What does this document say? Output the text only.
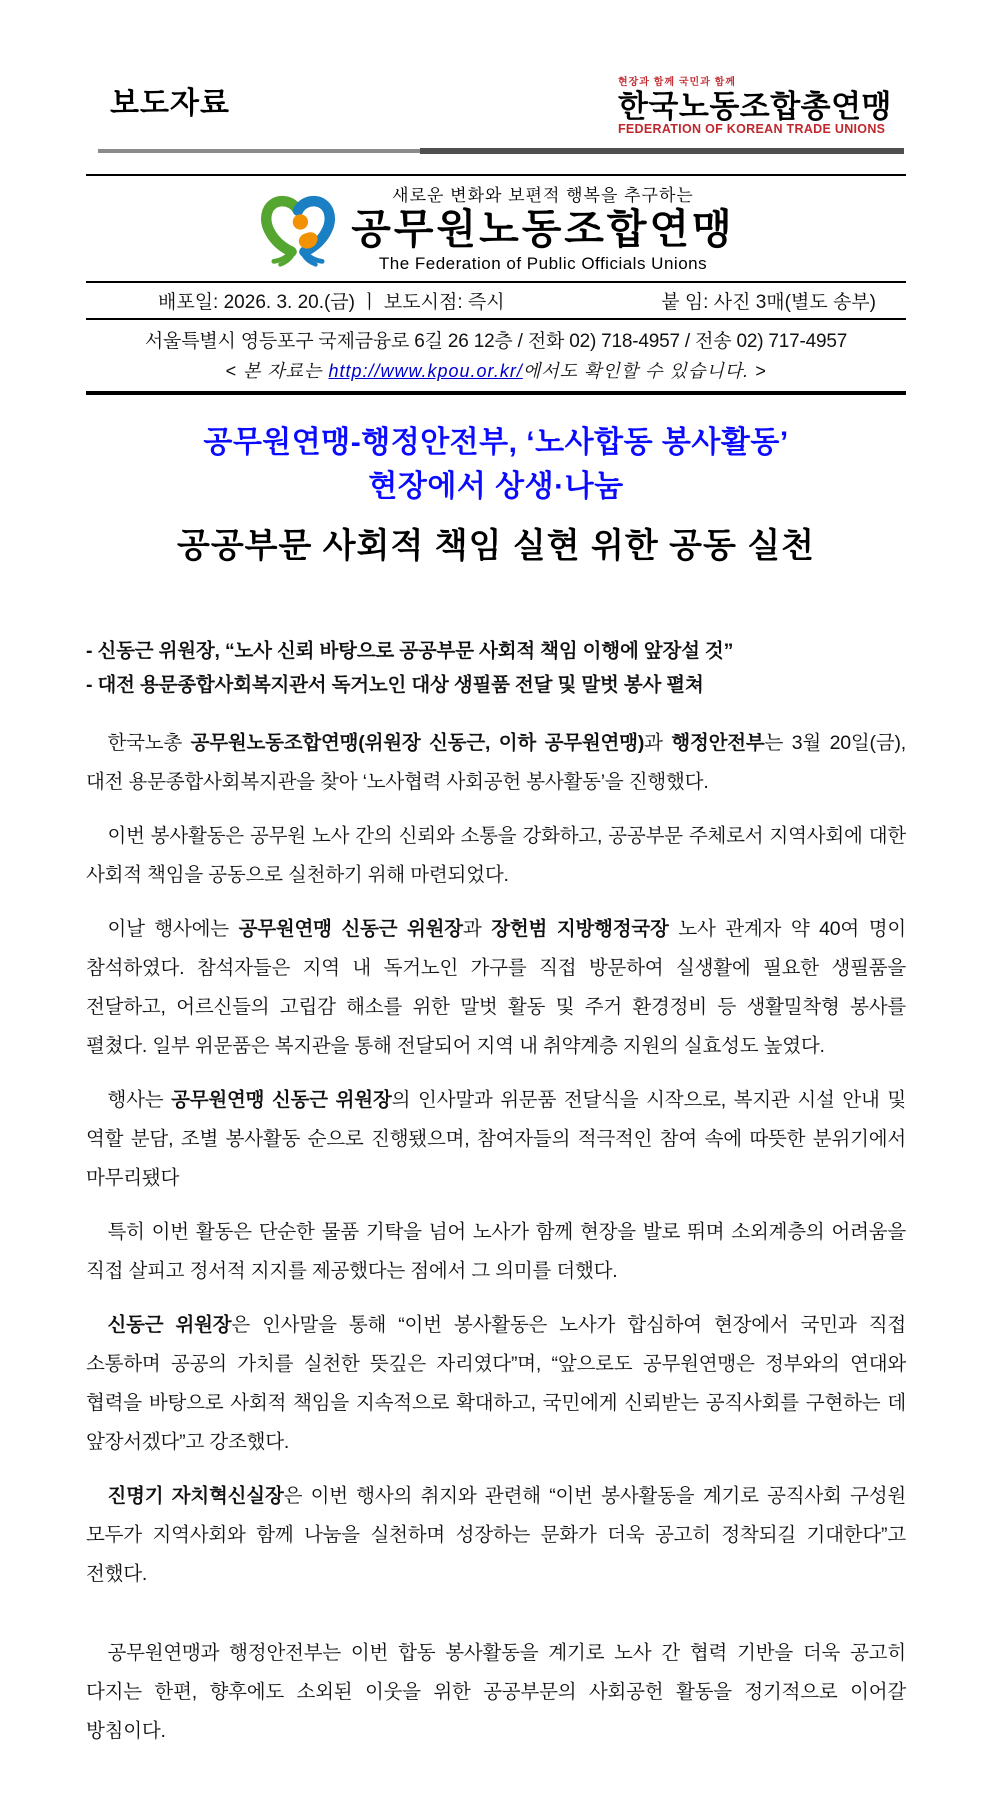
보도자료
현장과 함께 국민과 함께
한국노동조합총연맹
FEDERATION OF KOREAN TRADE UNIONS
새로운 변화와 보편적 행복을 추구하는
공무원노동조합연맹
The Federation of Public Officials Unions
배포일: 2026. 3. 20.(금) ㅣ 보도시점: 즉시	붙 임: 사진 3매(별도 송부)
서울특별시 영등포구 국제금융로 6길 26 12층 / 전화 02) 718-4957 / 전송 02) 717-4957
< 본 자료는 http://www.kpou.or.kr/에서도 확인할 수 있습니다. >
공무원연맹-행정안전부, ‘노사합동 봉사활동’
현장에서 상생·나눔
공공부문 사회적 책임 실현 위한 공동 실천
- 신동근 위원장, “노사 신뢰 바탕으로 공공부문 사회적 책임 이행에 앞장설 것”
- 대전 용문종합사회복지관서 독거노인 대상 생필품 전달 및 말벗 봉사 펼쳐

한국노총 공무원노동조합연맹(위원장 신동근, 이하 공무원연맹)과 행정안전부는 3월 20일(금), 대전 용문종합사회복지관을 찾아 ‘노사협력 사회공헌 봉사활동’을 진행했다.

이번 봉사활동은 공무원 노사 간의 신뢰와 소통을 강화하고, 공공부문 주체로서 지역사회에 대한 사회적 책임을 공동으로 실천하기 위해 마련되었다.

이날 행사에는 공무원연맹 신동근 위원장과 장헌범 지방행정국장 노사 관계자 약 40여 명이 참석하였다. 참석자들은 지역 내 독거노인 가구를 직접 방문하여 실생활에 필요한 생필품을 전달하고, 어르신들의 고립감 해소를 위한 말벗 활동 및 주거 환경정비 등 생활밀착형 봉사를 펼쳤다. 일부 위문품은 복지관을 통해 전달되어 지역 내 취약계층 지원의 실효성도 높였다.

행사는 공무원연맹 신동근 위원장의 인사말과 위문품 전달식을 시작으로, 복지관 시설 안내 및 역할 분담, 조별 봉사활동 순으로 진행됐으며, 참여자들의 적극적인 참여 속에 따뜻한 분위기에서 마무리됐다

특히 이번 활동은 단순한 물품 기탁을 넘어 노사가 함께 현장을 발로 뛰며 소외계층의 어려움을 직접 살피고 정서적 지지를 제공했다는 점에서 그 의미를 더했다.

신동근 위원장은 인사말을 통해 “이번 봉사활동은 노사가 합심하여 현장에서 국민과 직접 소통하며 공공의 가치를 실천한 뜻깊은 자리였다”며, “앞으로도 공무원연맹은 정부와의 연대와 협력을 바탕으로 사회적 책임을 지속적으로 확대하고, 국민에게 신뢰받는 공직사회를 구현하는 데 앞장서겠다”고 강조했다.

진명기 자치혁신실장은 이번 행사의 취지와 관련해 “이번 봉사활동을 계기로 공직사회 구성원 모두가 지역사회와 함께 나눔을 실천하며 성장하는 문화가 더욱 공고히 정착되길 기대한다”고 전했다.

공무원연맹과 행정안전부는 이번 합동 봉사활동을 계기로 노사 간 협력 기반을 더욱 공고히 다지는 한편, 향후에도 소외된 이웃을 위한 공공부문의 사회공헌 활동을 정기적으로 이어갈 방침이다.
